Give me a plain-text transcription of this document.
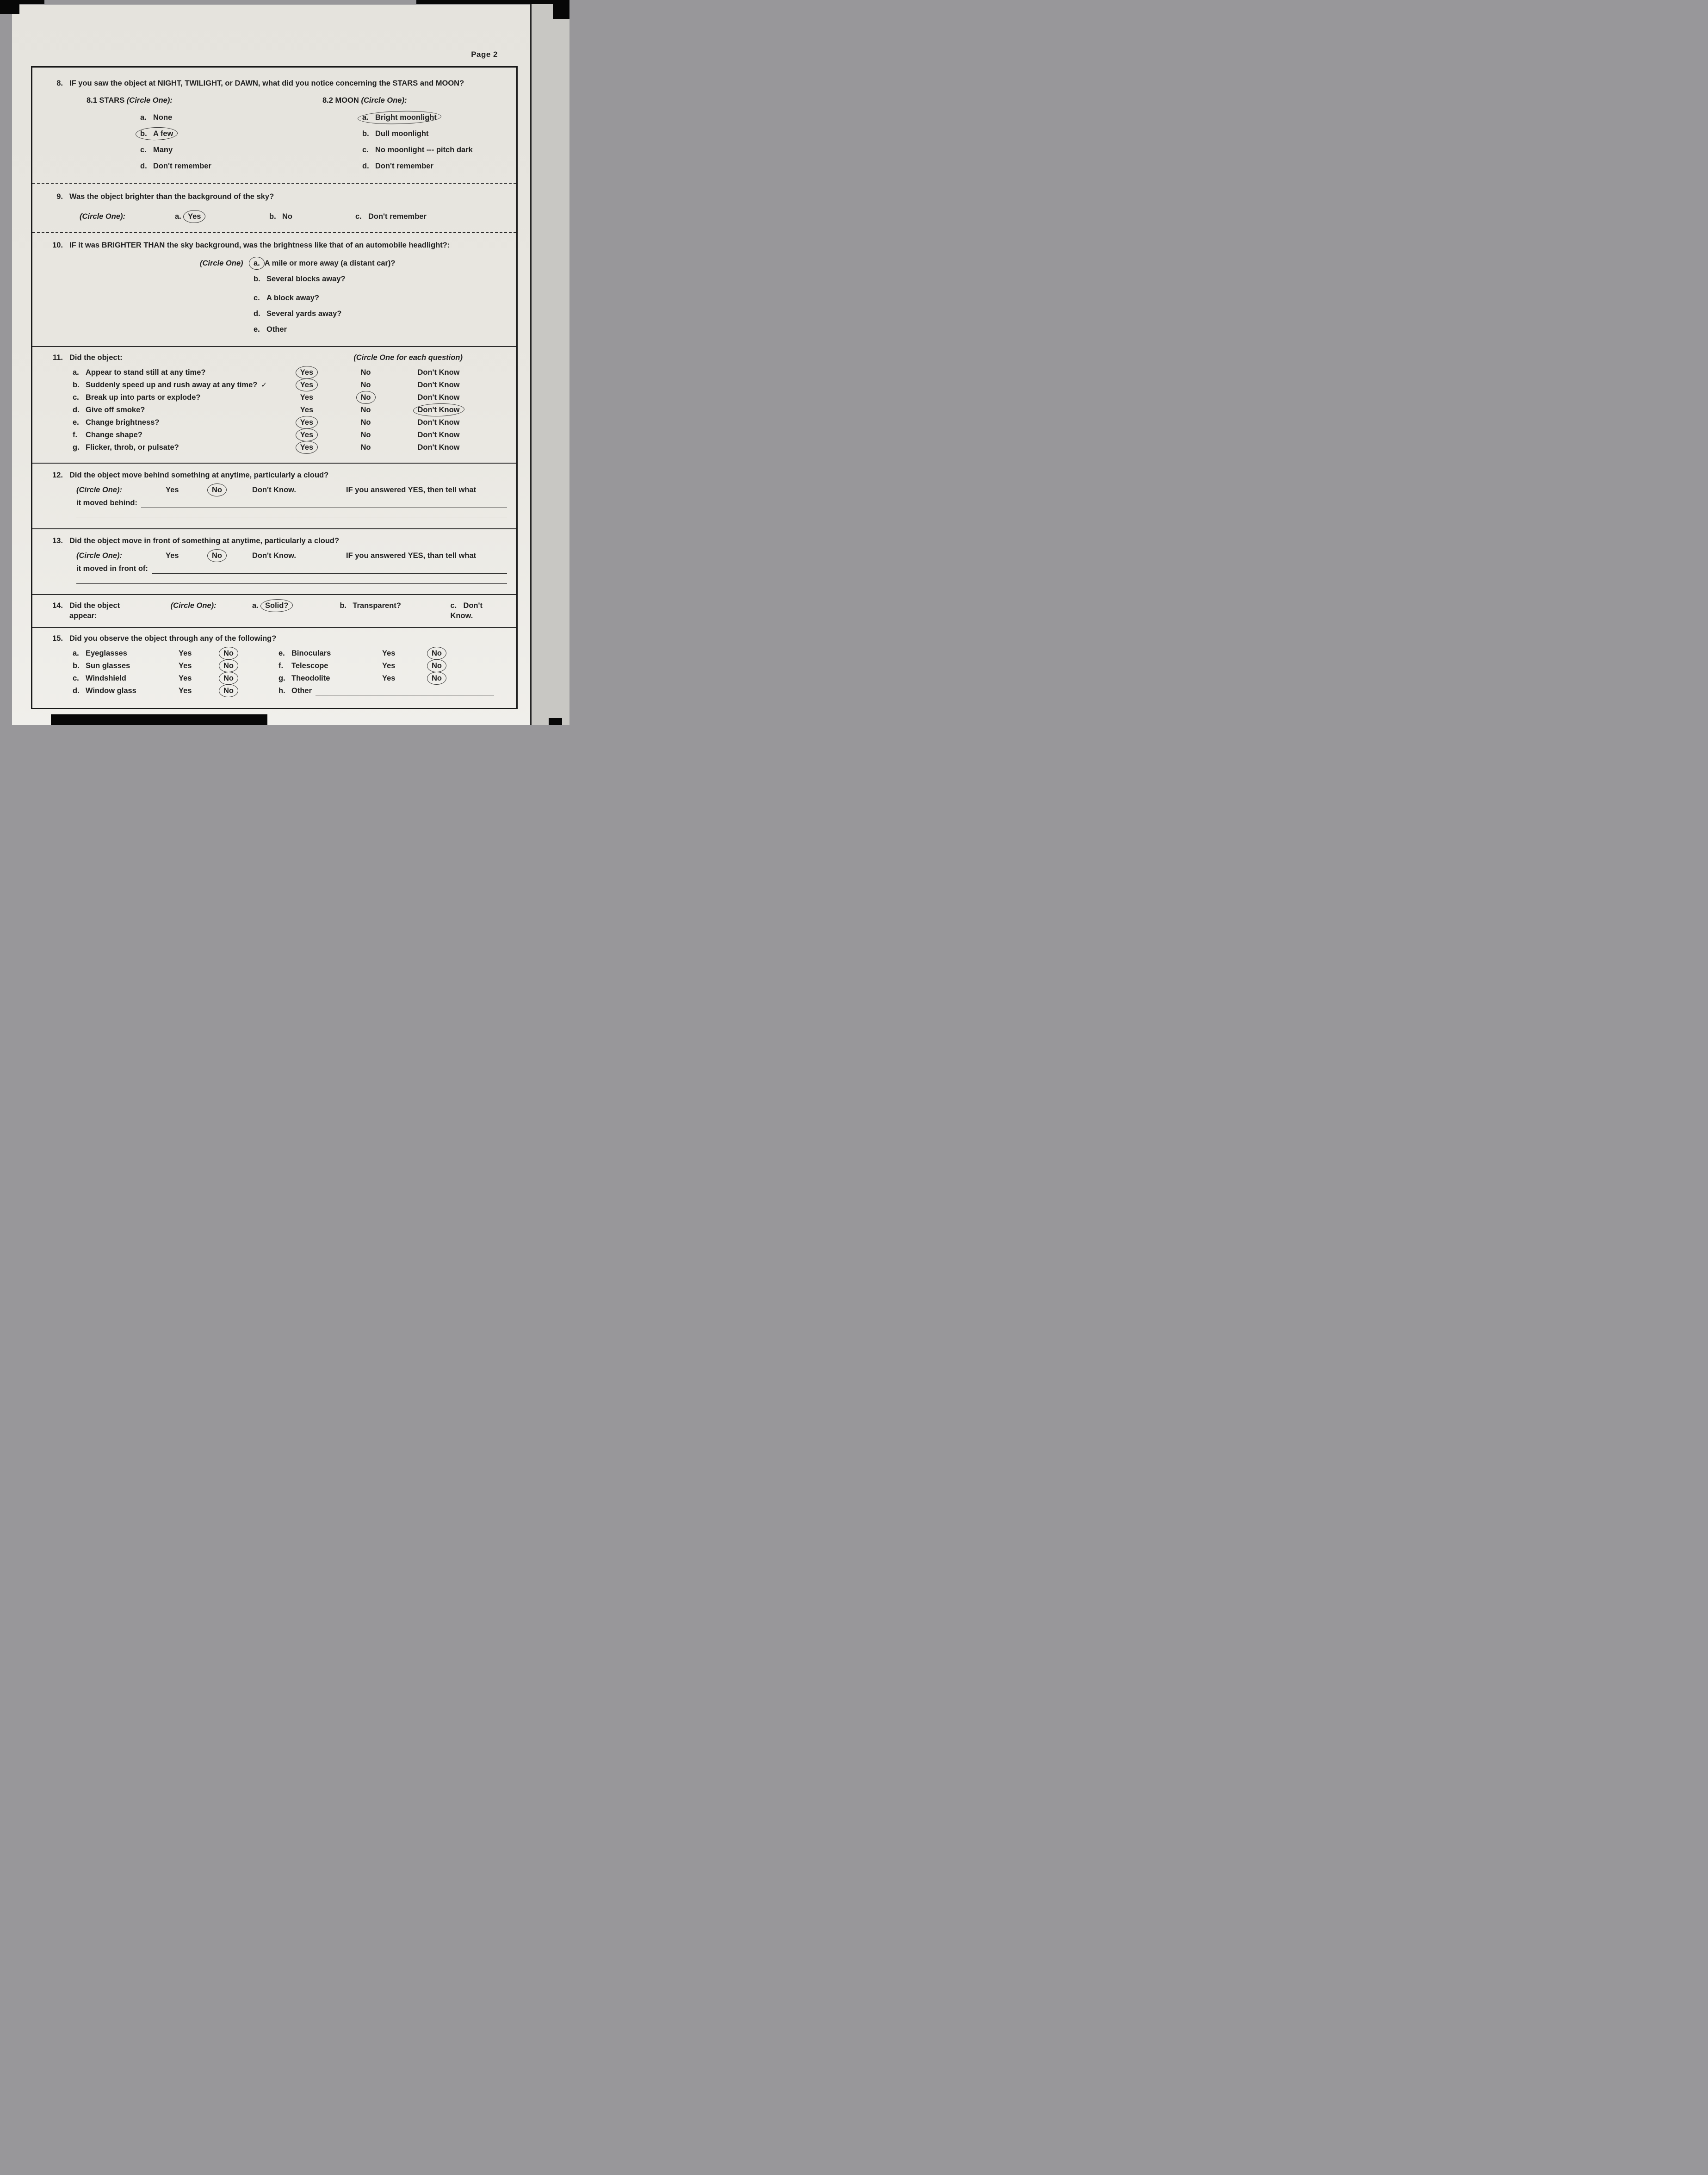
Page 2
8. IF you saw the object at NIGHT, TWILIGHT, or DAWN, what did you notice concerning the STARS and MOON?
8.1 STARS (Circle One):
a. None
b. A few
c. Many
d. Don't remember
8.2 MOON (Circle One):
a. Bright moonlight
b. Dull moonlight
c. No moonlight --- pitch dark
d. Don't remember
9. Was the object brighter than the background of the sky?
(Circle One):	a. Yes	b. No	c. Don't remember
10. IF it was BRIGHTER THAN the sky background, was the brightness like that of an automobile headlight?:
(Circle One)	a. A mile or more away (a distant car)?
b. Several blocks away?
c. A block away?
d. Several yards away?
e. Other
11. Did the object:	(Circle One for each question)
a. Appear to stand still at any time?	Yes	No	Don't Know
b. Suddenly speed up and rush away at any time? ✓	Yes	No	Don't Know
c. Break up into parts or explode?	Yes	No	Don't Know
d. Give off smoke?	Yes	No	Don't Know
e. Change brightness?	Yes	No	Don't Know
f.	Change shape?	Yes	No	Don't Know
g. Flicker, throb, or pulsate?	Yes	No	Don't Know
12. Did the object move behind something at anytime, particularly a cloud?
(Circle One):	Yes	No	Don't Know.	IF you answered YES, then tell what
it moved behind:
13. Did the object move in front of something at anytime, particularly a cloud?
(Circle One):	Yes	No	Don't Know.	IF you answered YES, than tell what
it moved in front of:
14. Did the object appear:
(Circle One):	a. Solid?	b. Transparent?	c. Don't Know.
15. Did you observe the object through any of the following?
a. Eyeglasses	Yes	No
b. Sun glasses	Yes	No
c. Windshield	Yes	No
d. Window glass	Yes	No
e. Binoculars	Yes	No
f.	Telescope	Yes	No
g. Theodolite	Yes	No
h. Other
